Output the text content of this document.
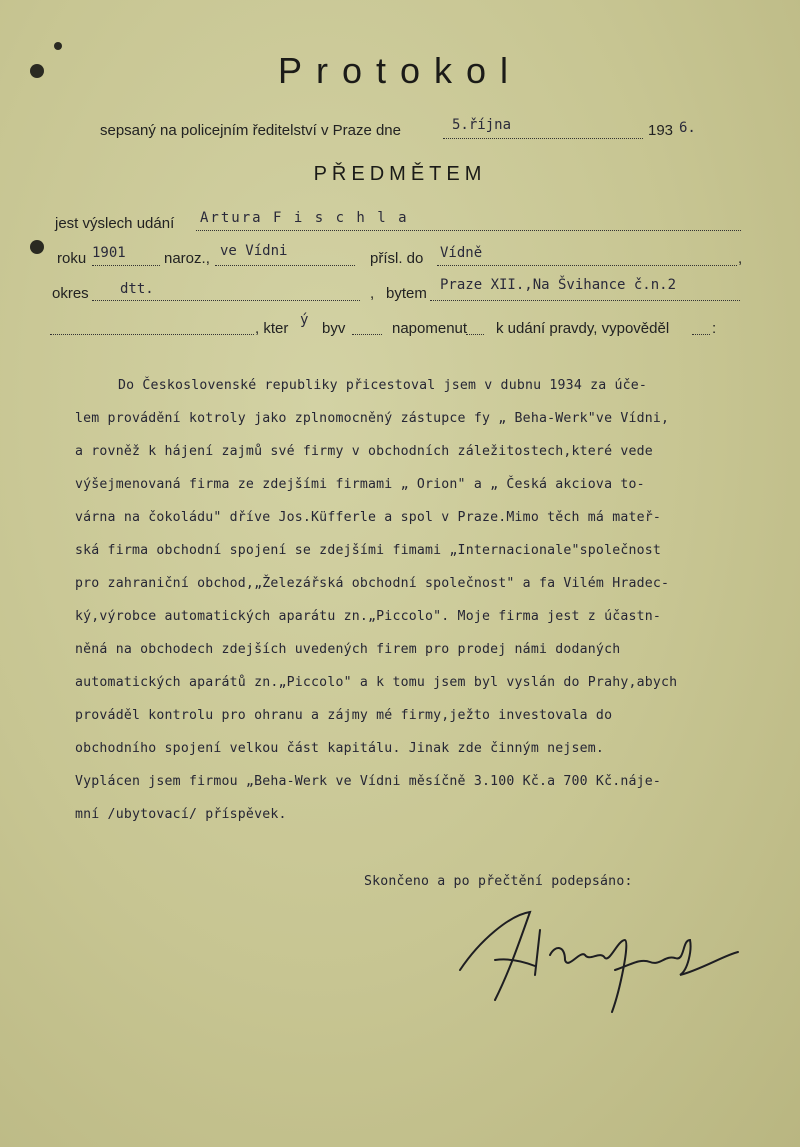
Protokol
sepsaný na policejním ředitelství v Praze dne	5.října	193 6.
PŘEDMĚTEM
jest výslech udání Artura F i s c h l a
roku 1901	naroz., ve Vídni	přísl. do Vídně	,
okres dtt.	, bytem Praze XII.,Na Švihance č.n.2
, kter ý byv	napomenut k udání pravdy, vypověděl	:
Do Československé republiky přicestoval jsem v dubnu 1934 za úče-
lem provádění kotroly jako zplnomocněný zástupce fy „ Beha-Werk"ve Vídni,
a rovněž k hájení zajmů své firmy v obchodních záležitostech,které vede
výšejmenovaná firma ze zdejšími firmami „ Orion" a „ Česká akciova to-
várna na čokoládu" dříve Jos.Küfferle a spol v Praze.Mimo těch má mateř-
ská firma obchodní spojení se zdejšími fimami „Internacionale"společnost
pro zahraniční obchod,„Železářská obchodní společnost" a fa Vilém Hradec-
ký,výrobce automatických aparátu zn.„Piccolo". Moje firma jest z účastn-
něná na obchodech zdejších uvedených firem pro prodej námi dodaných
automatických aparátů zn.„Piccolo" a k tomu jsem byl vyslán do Prahy,abych
prováděl kontrolu pro ohranu a zájmy mé firmy,ježto investovala do
obchodního spojení velkou část kapitálu. Jinak zde činným nejsem.
Vyplácen jsem firmou „Beha-Werk ve Vídni měsíčně 3.100 Kč.a 700 Kč.náje-
mní /ubytovací/ příspěvek.
Skončeno a po přečtění podepsáno:
